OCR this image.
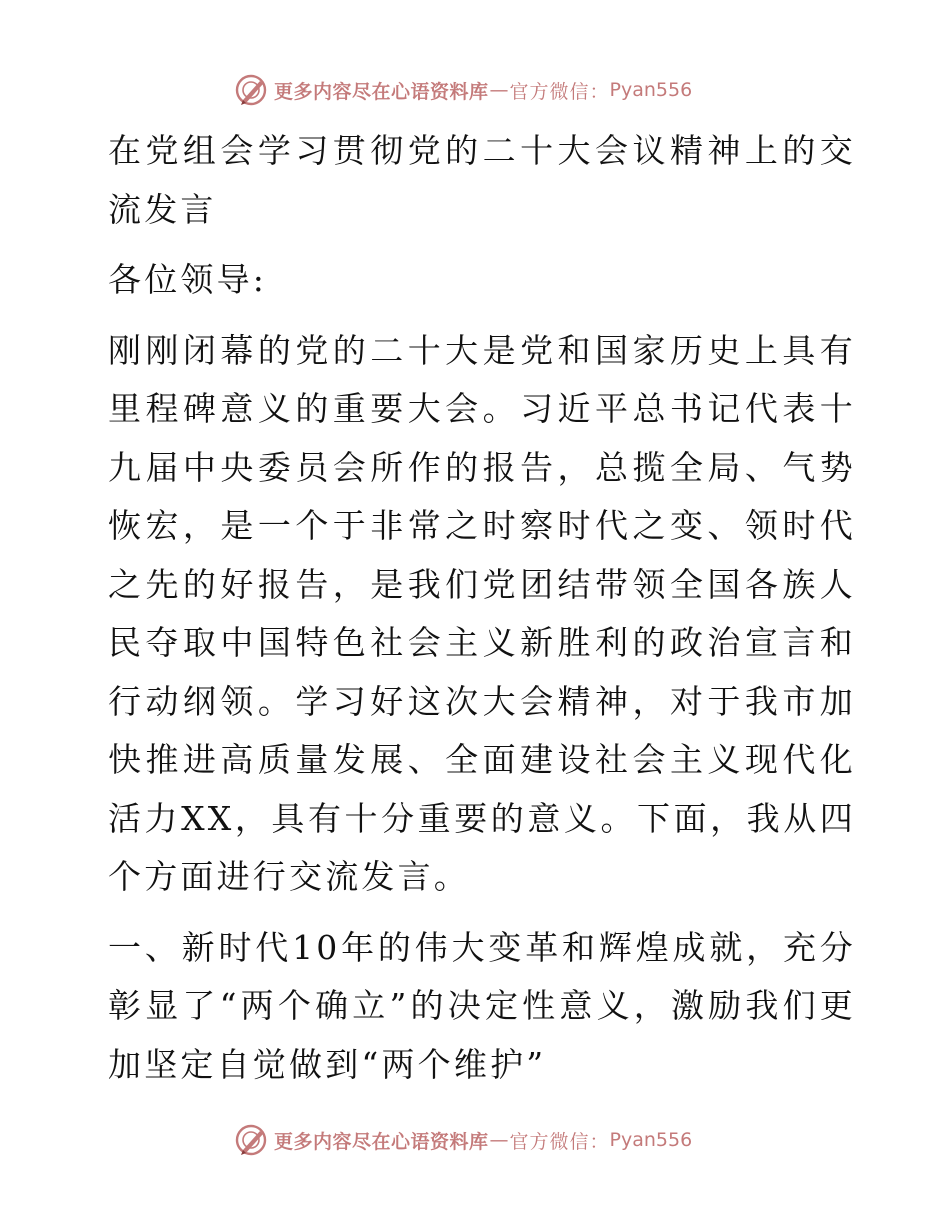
更多内容尽在心语资料库 — 官方微信： Pyan556

在党组会学习贯彻党的二十大会议精神上的交流发言

各位领导:

刚刚闭幕的党的二十大是党和国家历史上具有里程碑意义的重要大会。习近平总书记代表十九届中央委员会所作的报告，总揽全局、气势恢宏，是一个于非常之时察时代之变、领时代之先的好报告，是我们党团结带领全国各族人民夺取中国特色社会主义新胜利的政治宣言和行动纲领。学习好这次大会精神，对于我市加快推进高质量发展、全面建设社会主义现代化活力XX，具有十分重要的意义。下面，我从四个方面进行交流发言。

一、新时代10年的伟大变革和辉煌成就，充分彰显了“两个确立”的决定性意义，激励我们更加坚定自觉做到“两个维护”

更多内容尽在心语资料库 — 官方微信： Pyan556
